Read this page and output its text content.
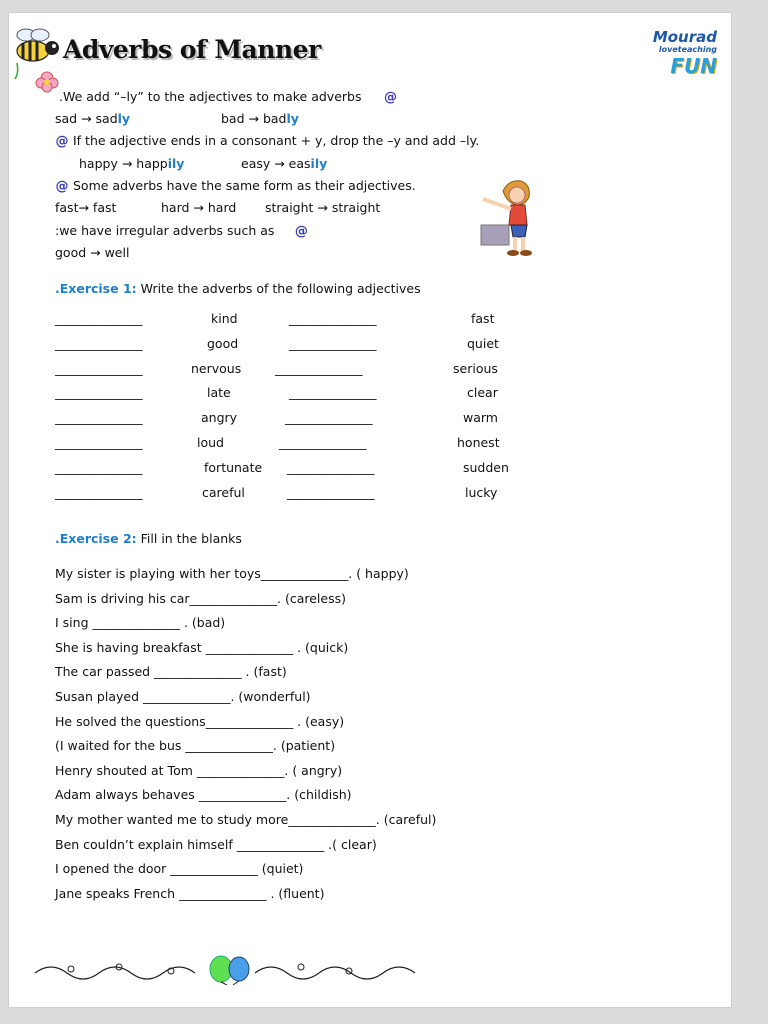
Adverbs of Manner	Mourad
loveteaching
FUN
.We add “–ly” to the adjectives to make adverbs @
sad → sadly	bad → badly
@ If the adjective ends in a consonant + y, drop the –y and add –ly.
happy → happily	easy → easily
@ Some adverbs have the same form as their adjectives.
fast→ fast	hard → hard straight → straight
:we have irregular adverbs such as @
good → well
.Exercise 1: Write the adverbs of the following adjectives
______________	kind	______________	fast
______________	good	______________	quiet
______________	nervous	______________	serious
______________	late	______________	clear
______________	angry	______________	warm
______________	loud	______________	honest
______________	fortunate ______________	sudden
______________	careful	______________	lucky
.Exercise 2: Fill in the blanks
My sister is playing with her toys______________. ( happy)
Sam is driving his car______________. (careless)
I sing ______________ . (bad)
She is having breakfast ______________ . (quick)
The car passed ______________ . (fast)
Susan played ______________. (wonderful)
He solved the questions______________ . (easy)
(I waited for the bus ______________. (patient)
Henry shouted at Tom ______________. ( angry)
Adam always behaves ______________. (childish)
My mother wanted me to study more______________. (careful)
Ben couldn’t explain himself ______________ .( clear)
I opened the door ______________ (quiet)
Jane speaks French ______________ . (fluent)
